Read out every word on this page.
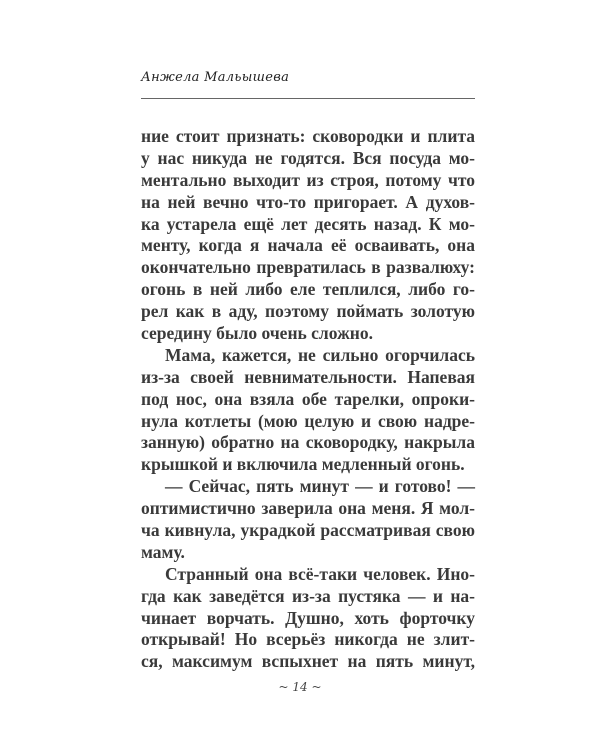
Анжела Мальышева
ние стоит признать: сковородки и плита
у нас никуда не годятся. Вся посуда мо-
ментально выходит из строя, потому что
на ней вечно что-то пригорает. А духов-
ка устарела ещё лет десять назад. К мо-
менту, когда я начала её осваивать, она
окончательно превратилась в развалюху:
огонь в ней либо еле теплился, либо го-
рел как в аду, поэтому поймать золотую
середину было очень сложно.
Мама, кажется, не сильно огорчилась
из-за своей невнимательности. Напевая
под нос, она взяла обе тарелки, опроки-
нула котлеты (мою целую и свою надре-
занную) обратно на сковородку, накрыла
крышкой и включила медленный огонь.
— Сейчас, пять минут — и готово! —
оптимистично заверила она меня. Я мол-
ча кивнула, украдкой рассматривая свою
маму.
Странный она всё-таки человек. Ино-
гда как заведётся из-за пустяка — и на-
чинает ворчать. Душно, хоть форточку
открывай! Но всерьёз никогда не злит-
ся, максимум вспыхнет на пять минут,
~ 14 ~
